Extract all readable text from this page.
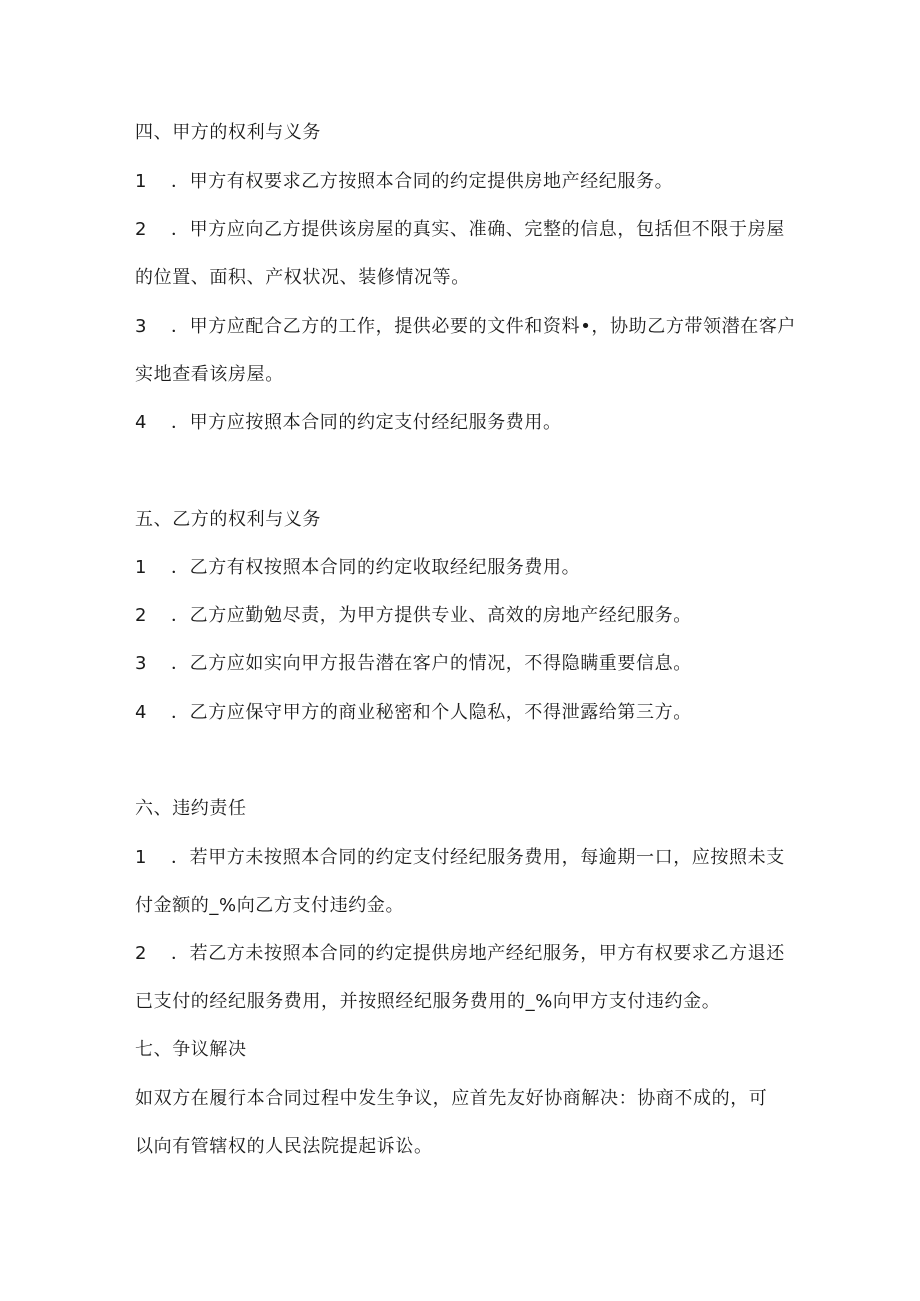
四、甲方的权利与义务
1 ．甲方有权要求乙方按照本合同的约定提供房地产经纪服务。
2 ．甲方应向乙方提供该房屋的真实、准确、完整的信息，包括但不限于房屋
的位置、面积、产权状况、装修情况等。
3 ．甲方应配合乙方的工作，提供必要的文件和资料•，协助乙方带领潜在客户
实地查看该房屋。
4 ．甲方应按照本合同的约定支付经纪服务费用。
五、乙方的权利与义务
1 ．乙方有权按照本合同的约定收取经纪服务费用。
2 ．乙方应勤勉尽责，为甲方提供专业、高效的房地产经纪服务。
3 ．乙方应如实向甲方报告潜在客户的情况，不得隐瞒重要信息。
4 ．乙方应保守甲方的商业秘密和个人隐私，不得泄露给第三方。
六、违约责任
1 ．若甲方未按照本合同的约定支付经纪服务费用，每逾期一口，应按照未支
付金额的_%向乙方支付违约金。
2 ．若乙方未按照本合同的约定提供房地产经纪服务，甲方有权要求乙方退还
已支付的经纪服务费用，并按照经纪服务费用的_%向甲方支付违约金。
七、争议解决
如双方在履行本合同过程中发生争议，应首先友好协商解决：协商不成的，可
以向有管辖权的人民法院提起诉讼。
